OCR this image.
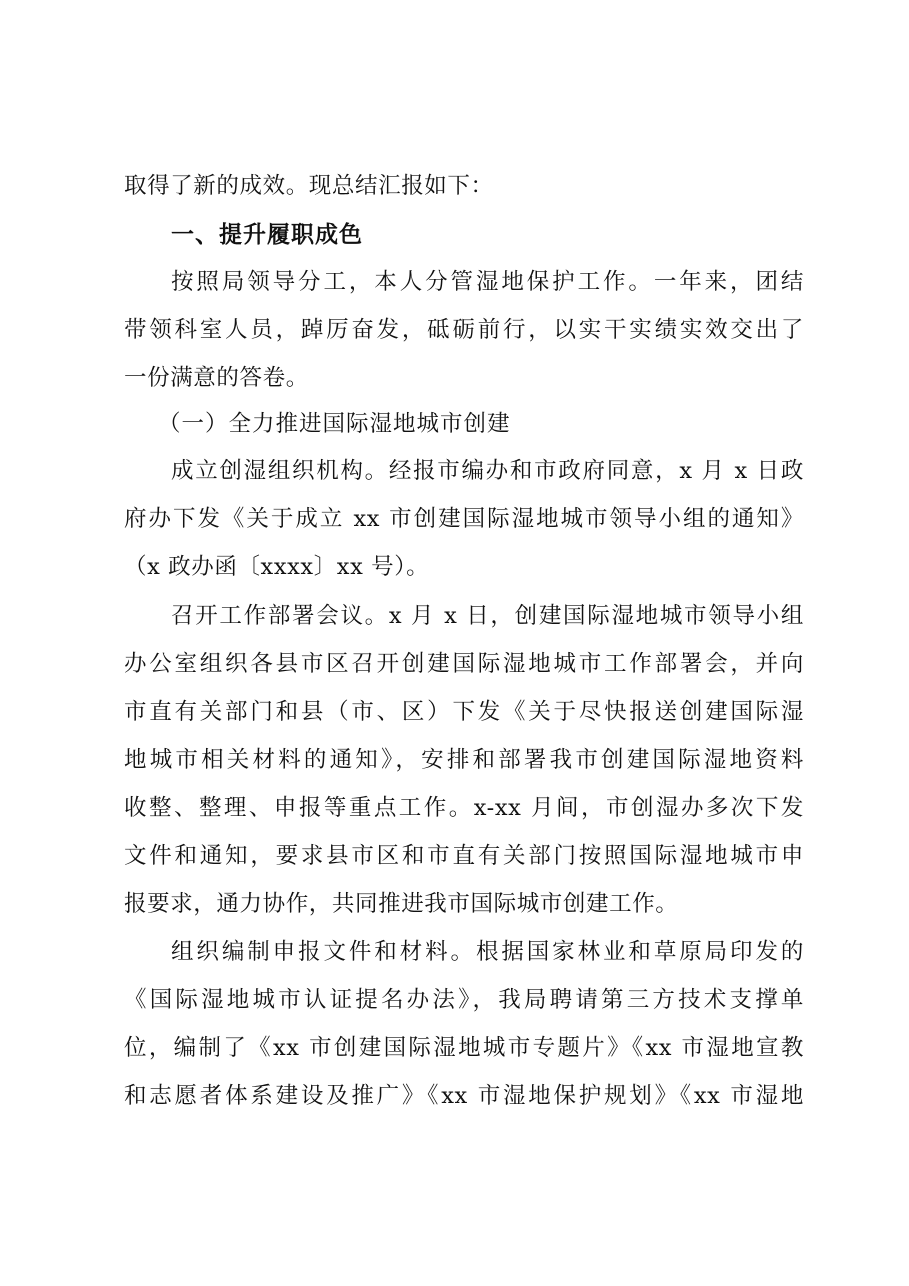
取得了新的成效。现总结汇报如下：
一、提升履职成色
按照局领导分工，本人分管湿地保护工作。一年来，团结
带领科室人员，踔厉奋发，砥砺前行，以实干实绩实效交出了
一份满意的答卷。
（一）全力推进国际湿地城市创建
成立创湿组织机构。经报市编办和市政府同意，x 月 x 日政
府办下发《关于成立 xx 市创建国际湿地城市领导小组的通知》
（x 政办函〔xxxx〕xx 号）。
召开工作部署会议。x 月 x 日，创建国际湿地城市领导小组
办公室组织各县市区召开创建国际湿地城市工作部署会，并向
市直有关部门和县（市、区）下发《关于尽快报送创建国际湿
地城市相关材料的通知》，安排和部署我市创建国际湿地资料
收整、整理、申报等重点工作。x-xx 月间，市创湿办多次下发
文件和通知，要求县市区和市直有关部门按照国际湿地城市申
报要求，通力协作，共同推进我市国际城市创建工作。
组织编制申报文件和材料。根据国家林业和草原局印发的
《国际湿地城市认证提名办法》，我局聘请第三方技术支撑单
位，编制了《xx 市创建国际湿地城市专题片》《xx 市湿地宣教
和志愿者体系建设及推广》《xx 市湿地保护规划》《xx 市湿地
